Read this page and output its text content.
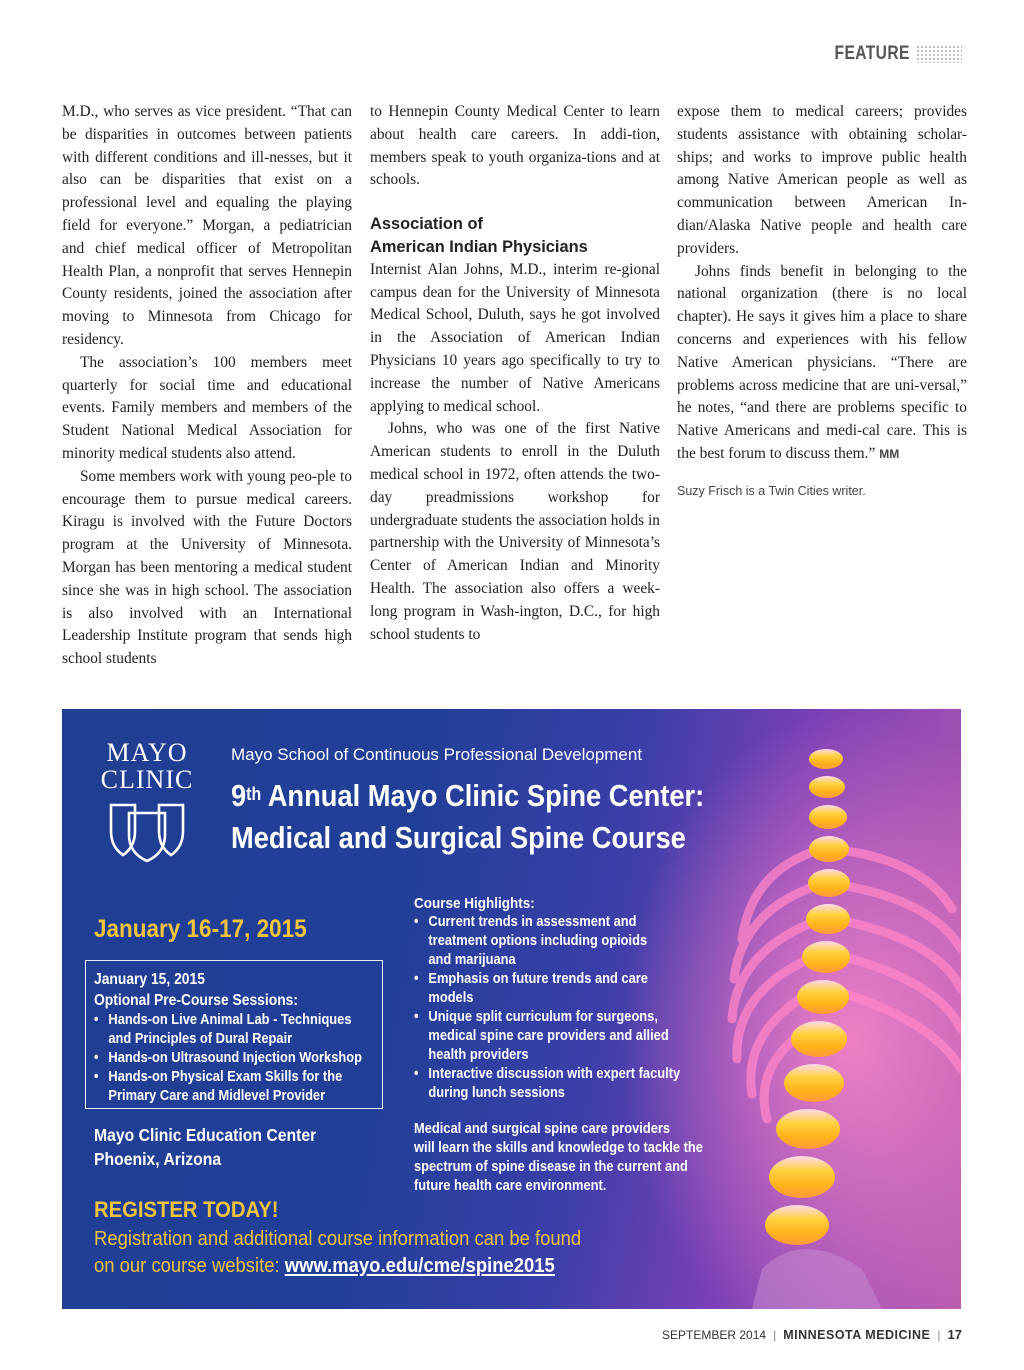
FEATURE

M.D., who serves as vice president. “That can be disparities in outcomes between patients with different conditions and ill-nesses, but it also can be disparities that exist on a professional level and equaling the playing field for everyone.” Morgan, a pediatrician and chief medical officer of Metropolitan Health Plan, a nonprofit that serves Hennepin County residents, joined the association after moving to Minnesota from Chicago for residency.

The association’s 100 members meet quarterly for social time and educational events. Family members and members of the Student National Medical Association for minority medical students also attend.

Some members work with young peo-ple to encourage them to pursue medical careers. Kiragu is involved with the Future Doctors program at the University of Minnesota. Morgan has been mentoring a medical student since she was in high school. The association is also involved with an International Leadership Institute program that sends high school students

to Hennepin County Medical Center to learn about health care careers. In addi-tion, members speak to youth organiza-tions and at schools.

Association of
American Indian Physicians

Internist Alan Johns, M.D., interim re-gional campus dean for the University of Minnesota Medical School, Duluth, says he got involved in the Association of American Indian Physicians 10 years ago specifically to try to increase the number of Native Americans applying to medical school.

Johns, who was one of the first Native American students to enroll in the Duluth medical school in 1972, often attends the two-day preadmissions workshop for undergraduate students the association holds in partnership with the University of Minnesota’s Center of American Indian and Minority Health. The association also offers a week-long program in Wash-ington, D.C., for high school students to

expose them to medical careers; provides students assistance with obtaining scholar-ships; and works to improve public health among Native American people as well as communication between American In-dian/Alaska Native people and health care providers.

Johns finds benefit in belonging to the national organization (there is no local chapter). He says it gives him a place to share concerns and experiences with his fellow Native American physicians. “There are problems across medicine that are uni-versal,” he notes, “and there are problems specific to Native Americans and medi-cal care. This is the best forum to discuss them.” MM

Suzy Frisch is a Twin Cities writer.
MAYO
CLINIC
Mayo School of Continuous Professional Development
9th Annual Mayo Clinic Spine Center:
Medical and Surgical Spine Course
January 16-17, 2015
January 15, 2015
Optional Pre-Course Sessions:
• Hands-on Live Animal Lab - Techniques
and Principles of Dural Repair
• Hands-on Ultrasound Injection Workshop
• Hands-on Physical Exam Skills for the
Primary Care and Midlevel Provider
Mayo Clinic Education Center
Phoenix, Arizona
Course Highlights:
• Current trends in assessment and
treatment options including opioids
and marijuana
• Emphasis on future trends and care
models
• Unique split curriculum for surgeons,
medical spine care providers and allied
health providers
• Interactive discussion with expert faculty
during lunch sessions
Medical and surgical spine care providers
will learn the skills and knowledge to tackle the
spectrum of spine disease in the current and
future health care environment.
REGISTER TODAY!
Registration and additional course information can be found
on our course website: www.mayo.edu/cme/spine2015
SEPTEMBER 2014 | MINNESOTA MEDICINE | 17
